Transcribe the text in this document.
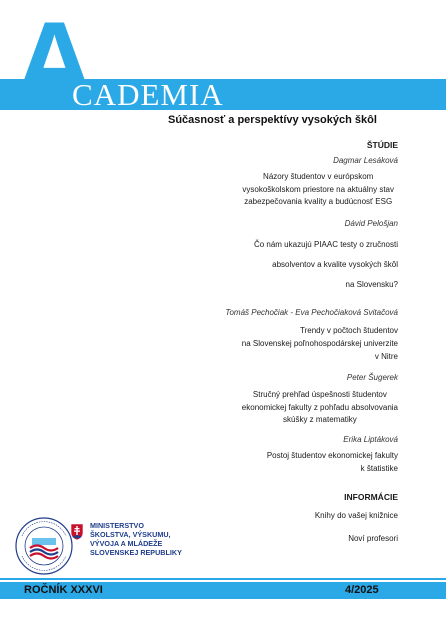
A
CADEMIA
Súčasnosť a perspektívy vysokých škôl
ŠTÚDIE
Dagmar Lesáková
Názory študentov v európskom
vysokoškolskom priestore na aktuálny stav
zabezpečovania kvality a budúcnosť ESG
Dávid Pelošjan
Čo nám ukazujú PIAAC testy o zručnosti
absolventov a kvalite vysokých škôl
na Slovensku?
Tomáš Pechočiak - Eva Pechočiaková Svitačová
Trendy v počtoch študentov
na Slovenskej poľnohospodárskej univerzite
v Nitre
Peter Šugerek
Stručný prehľad úspešnosti študentov
ekonomickej fakulty z pohľadu absolvovania
skúšky z matematiky
Erika Liptáková
Postoj študentov ekonomickej fakulty
k štatistike
INFORMÁCIE
Knihy do vašej knižnice
Noví profesori
MINISTERSTVO
ŠKOLSTVA, VÝSKUMU,
VÝVOJA A MLÁDEŽE
SLOVENSKEJ REPUBLIKY
ROČNÍK XXXVI	4/2025
